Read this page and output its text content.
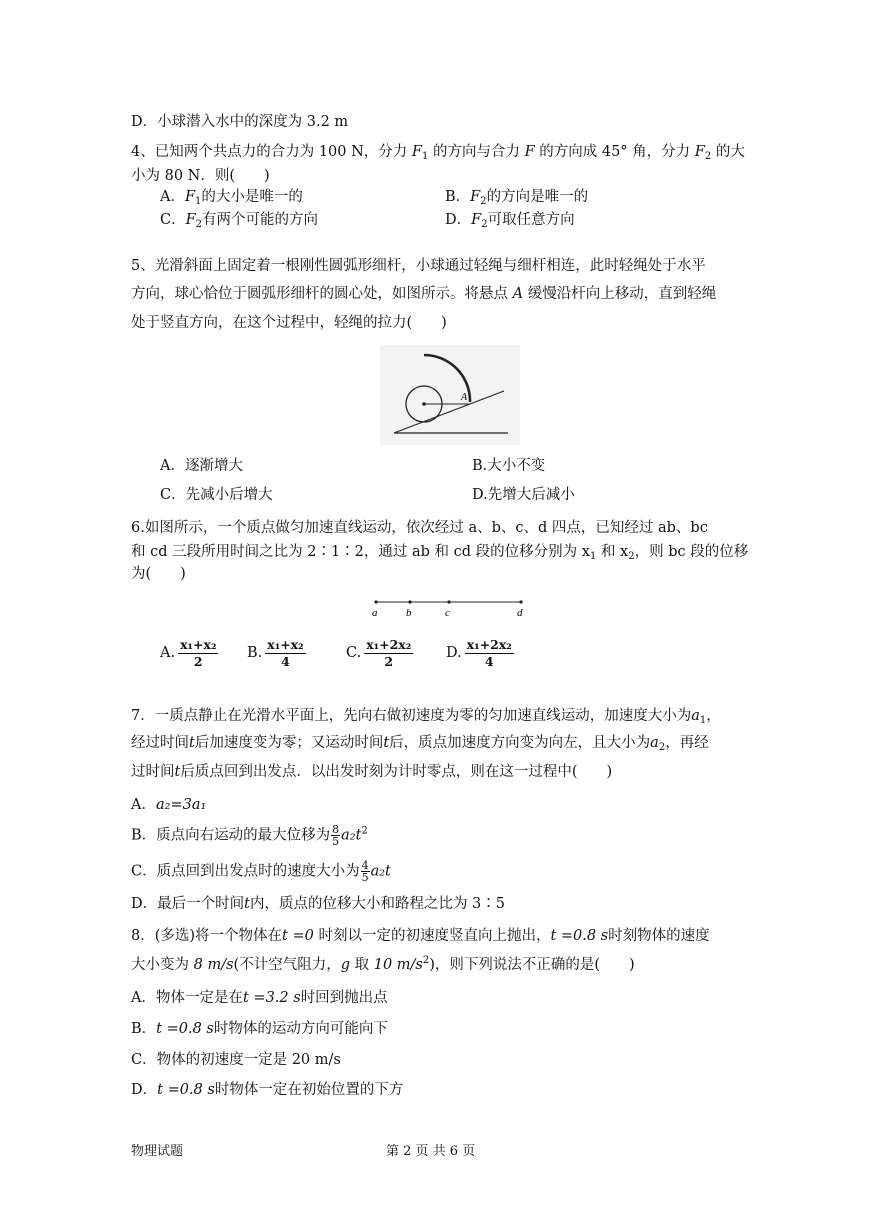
D．小球潜入水中的深度为 3.2 m
4、已知两个共点力的合力为 100 N，分力 $F_1$ 的方向与合力 F 的方向成 45° 角，分力 $F_2$ 的大
小为 80 N．则(　　)
A．$F_1$的大小是唯一的	B．$F_2$的方向是唯一的
C．$F_2$有两个可能的方向	D．$F_2$可取任意方向
5、光滑斜面上固定着一根刚性圆弧形细杆，小球通过轻绳与细杆相连，此时轻绳处于水平
方向，球心恰位于圆弧形细杆的圆心处，如图所示。将悬点 A 缓慢沿杆向上移动，直到轻绳
处于竖直方向，在这个过程中，轻绳的拉力(　　)
A
A．逐渐增大	B.大小不变
C．先减小后增大	D.先增大后减小
6.如图所示，一个质点做匀加速直线运动，依次经过 a、b、c、d 四点，已知经过 ab、bc
和 cd 三段所用时间之比为 2∶1∶2，通过 ab 和 cd 段的位移分别为 $x_1$ 和 $x_2$，则 bc 段的位移
为(　　)
a	b	c	d
A. $\frac{\text{x₁+x₂}}{2} B$. $\frac{\text{x₁+x₂}}{4}$	C. $\frac{\text{x₁+2x₂}}{2} D$. $\frac{\text{x₁+2x₂}}{4}$
7．一质点静止在光滑水平面上，先向右做初速度为零的匀加速直线运动，加速度大小为$a_1$，
经过时间t后加速度变为零；又运动时间t后，质点加速度方向变为向左，且大小为$a_2$，再经
过时间t后质点回到出发点．以出发时刻为计时零点，则在这一过程中(　　)
A．a₂=3a₁
B．质点向右运动的最大位移为 $\frac{8}{5} a_2t^2$
C．质点回到出发点时的速度大小为 $\frac{4}{5} a_2t$
D．最后一个时间t内，质点的位移大小和路程之比为 3∶5
8．(多选)将一个物体在t =0 时刻以一定的初速度竖直向上抛出，t =0.8 s时刻物体的速度
大小变为 8 m/s(不计空气阻力，g 取 10 $m/s^2$)，则下列说法不正确的是(　　)
A．物体一定是在t =3.2 s时回到抛出点
B．t =0.8 s时物体的运动方向可能向下
C．物体的初速度一定是 20 m/s
D．t =0.8 s时物体一定在初始位置的下方
物理试题	第 2 页 共 6 页
